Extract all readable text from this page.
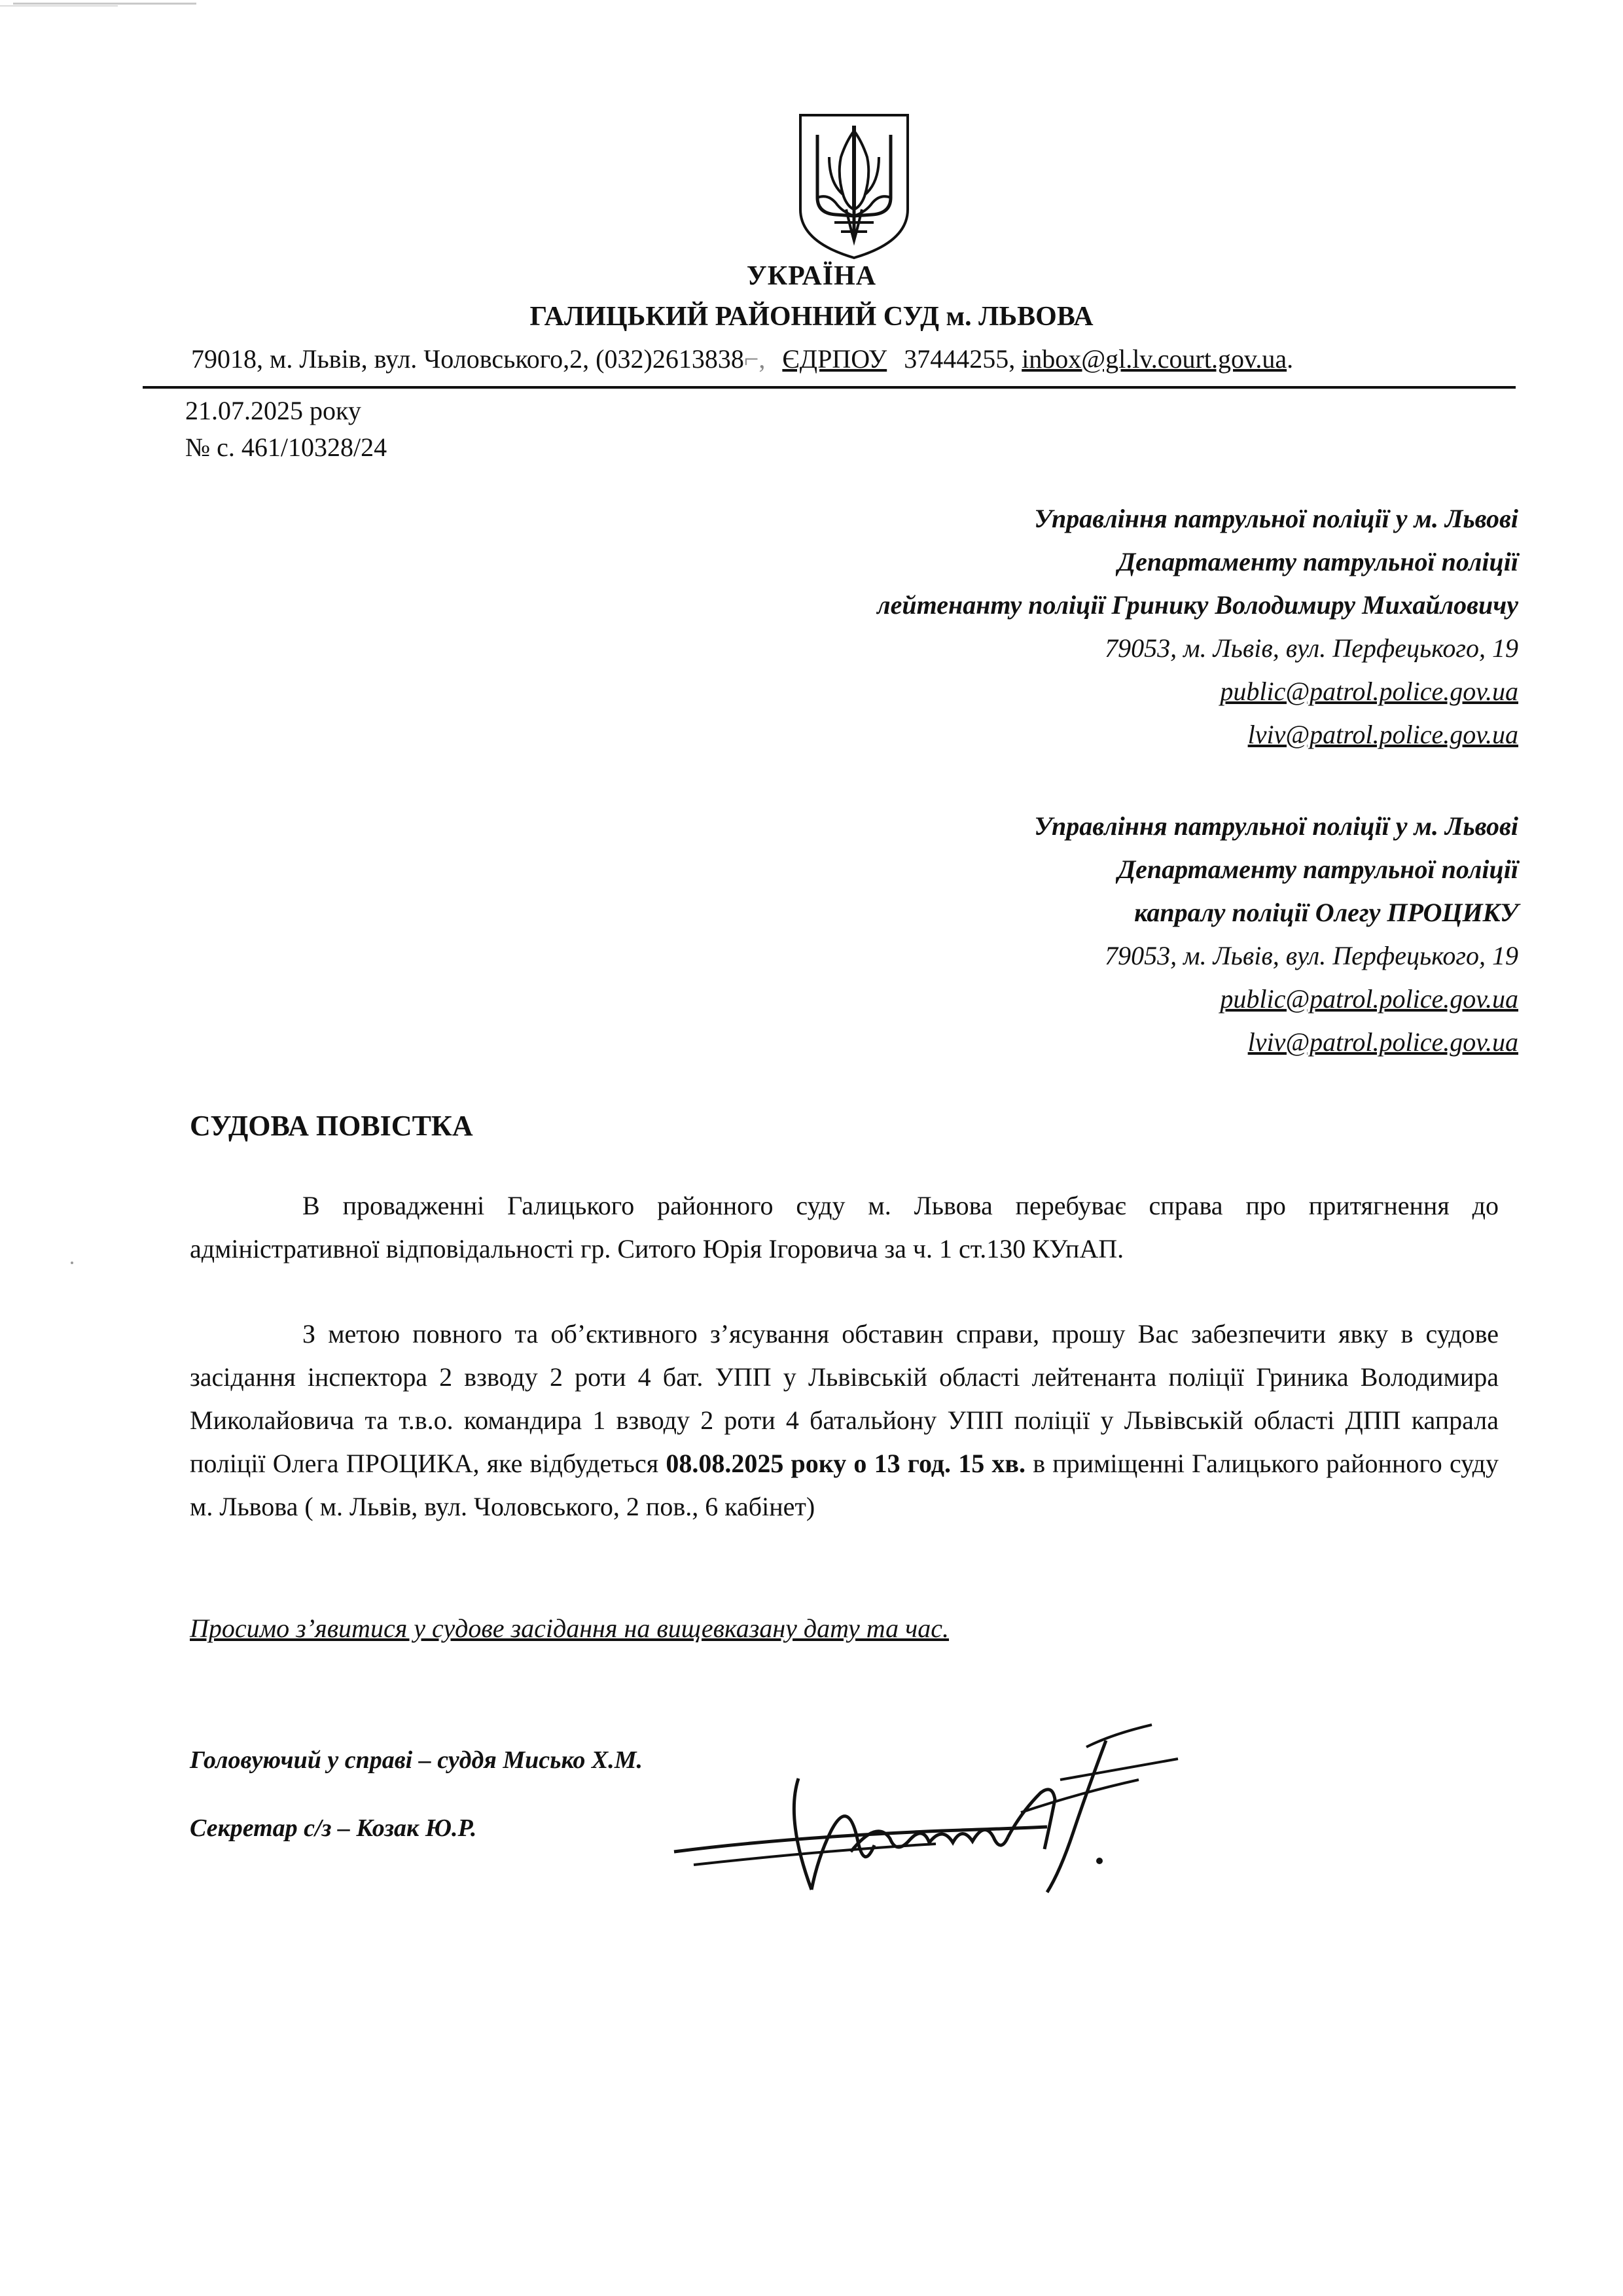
УКРАЇНА
ГАЛИЦЬКИЙ РАЙОННИЙ СУД м. ЛЬВОВА
79018, м. Львів, вул. Чоловського,2, (032)2613838⌐, ЄДРПОУ 37444255, inbox@gl.lv.court.gov.ua.
21.07.2025 року
№ с. 461/10328/24
Управління патрульної поліції у м. Львові
Департаменту патрульної поліції
лейтенанту поліції Гринику Володимиру Михайловичу
79053, м. Львів, вул. Перфецького, 19
public@patrol.police.gov.ua
lviv@patrol.police.gov.ua
Управління патрульної поліції у м. Львові
Департаменту патрульної поліції
капралу поліції Олегу ПРОЦИКУ
79053, м. Львів, вул. Перфецького, 19
public@patrol.police.gov.ua
lviv@patrol.police.gov.ua
СУДОВА ПОВІСТКА

В провадженні Галицького районного суду м. Львова перебуває справа про притягнення до адміністративної відповідальності гр. Ситого Юрія Ігоровича за ч. 1 ст.130 КУпАП.

З метою повного та об’єктивного з’ясування обставин справи, прошу Вас забезпечити явку в судове засідання інспектора 2 взводу 2 роти 4 бат. УПП у Львівській області лейтенанта поліції Гриника Володимира Миколайовича та т.в.о. командира 1 взводу 2 роти 4 батальйону УПП поліції у Львівській області ДПП капрала поліції Олега ПРОЦИКА, яке відбудеться 08.08.2025 року о 13 год. 15 хв. в приміщенні Галицького районного суду м. Львова ( м. Львів, вул. Чоловського, 2 пов., 6 кабінет)

Просимо з’явитися у судове засідання на вищевказану дату та час.
Головуючий у справі – суддя Мисько Х.М.
Секретар с/з – Козак Ю.Р.
